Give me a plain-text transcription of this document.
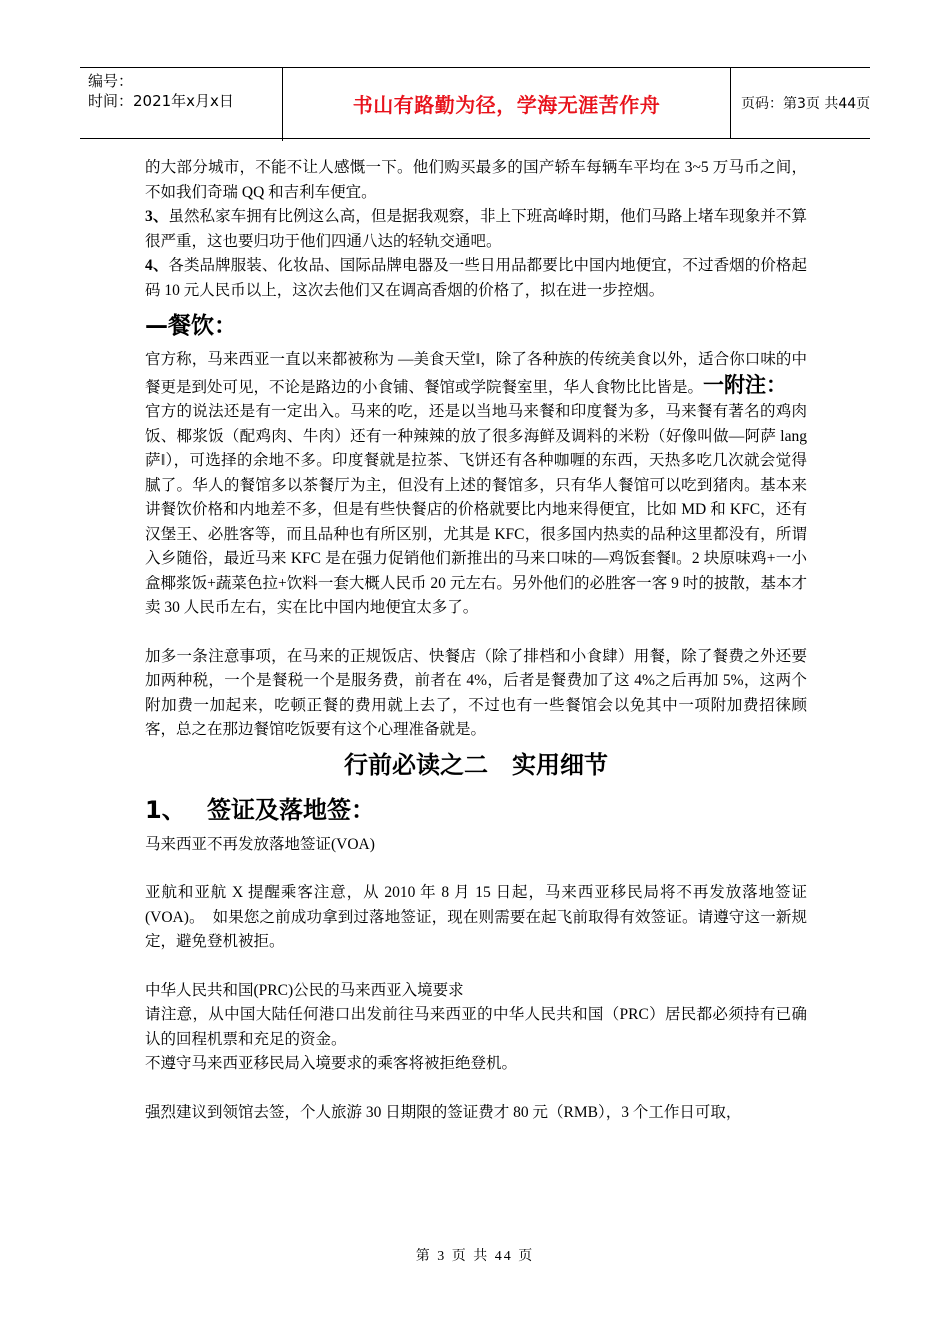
编号：
时间：2021年x月x日	书山有路勤为径，学海无涯苦作舟	页码：第3页 共44页

的大部分城市，不能不让人感慨一下。他们购买最多的国产轿车每辆车平均在 3~5 万马币之间，不如我们奇瑞 QQ 和吉利车便宜。

3、虽然私家车拥有比例这么高，但是据我观察，非上下班高峰时期，他们马路上堵车现象并不算很严重，这也要归功于他们四通八达的轻轨交通吧。

4、各类品牌服装、化妆品、国际品牌电器及一些日用品都要比中国内地便宜，不过香烟的价格起码 10 元人民币以上，这次去他们又在调高香烟的价格了，拟在进一步控烟。

—餐饮：

官方称，马来西亚一直以来都被称为 ―美食天堂‖，除了各种族的传统美食以外，适合你口味的中餐更是到处可见，不论是路边的小食铺、餐馆或学院餐室里，华人食物比比皆是。一附注：

官方的说法还是有一定出入。马来的吃，还是以当地马来餐和印度餐为多，马来餐有著名的鸡肉饭、椰浆饭（配鸡肉、牛肉）还有一种辣辣的放了很多海鲜及调料的米粉（好像叫做―阿萨 lang 萨‖），可选择的余地不多。印度餐就是拉茶、飞饼还有各种咖喱的东西，天热多吃几次就会觉得腻了。华人的餐馆多以茶餐厅为主，但没有上述的餐馆多，只有华人餐馆可以吃到猪肉。基本来讲餐饮价格和内地差不多，但是有些快餐店的价格就要比内地来得便宜，比如 MD 和 KFC，还有汉堡王、必胜客等，而且品种也有所区别，尤其是 KFC，很多国内热卖的品种这里都没有，所谓入乡随俗，最近马来 KFC 是在强力促销他们新推出的马来口味的―鸡饭套餐‖。2 块原味鸡+一小盒椰浆饭+蔬菜色拉+饮料一套大概人民币 20 元左右。另外他们的必胜客一客 9 吋的披散，基本才卖 30 人民币左右，实在比中国内地便宜太多了。

加多一条注意事项，在马来的正规饭店、快餐店（除了排档和小食肆）用餐，除了餐费之外还要加两种税，一个是餐税一个是服务费，前者在 4%，后者是餐费加了这 4%之后再加 5%，这两个附加费一加起来，吃顿正餐的费用就上去了，不过也有一些餐馆会以免其中一项附加费招徕顾客，总之在那边餐馆吃饭要有这个心理准备就是。

行前必读之二　实用细节
1、 签证及落地签：

马来西亚不再发放落地签证(VOA)

亚航和亚航 X 提醒乘客注意，从 2010 年 8 月 15 日起，马来西亚移民局将不再发放落地签证(VOA)。　如果您之前成功拿到过落地签证，现在则需要在起飞前取得有效签证。请遵守这一新规定，避免登机被拒。

中华人民共和国(PRC)公民的马来西亚入境要求

请注意，从中国大陆任何港口出发前往马来西亚的中华人民共和国（PRC）居民都必须持有已确认的回程机票和充足的资金。

不遵守马来西亚移民局入境要求的乘客将被拒绝登机。

强烈建议到领馆去签，个人旅游 30 日期限的签证费才 80 元（RMB），3 个工作日可取，

第 3 页 共 44 页
